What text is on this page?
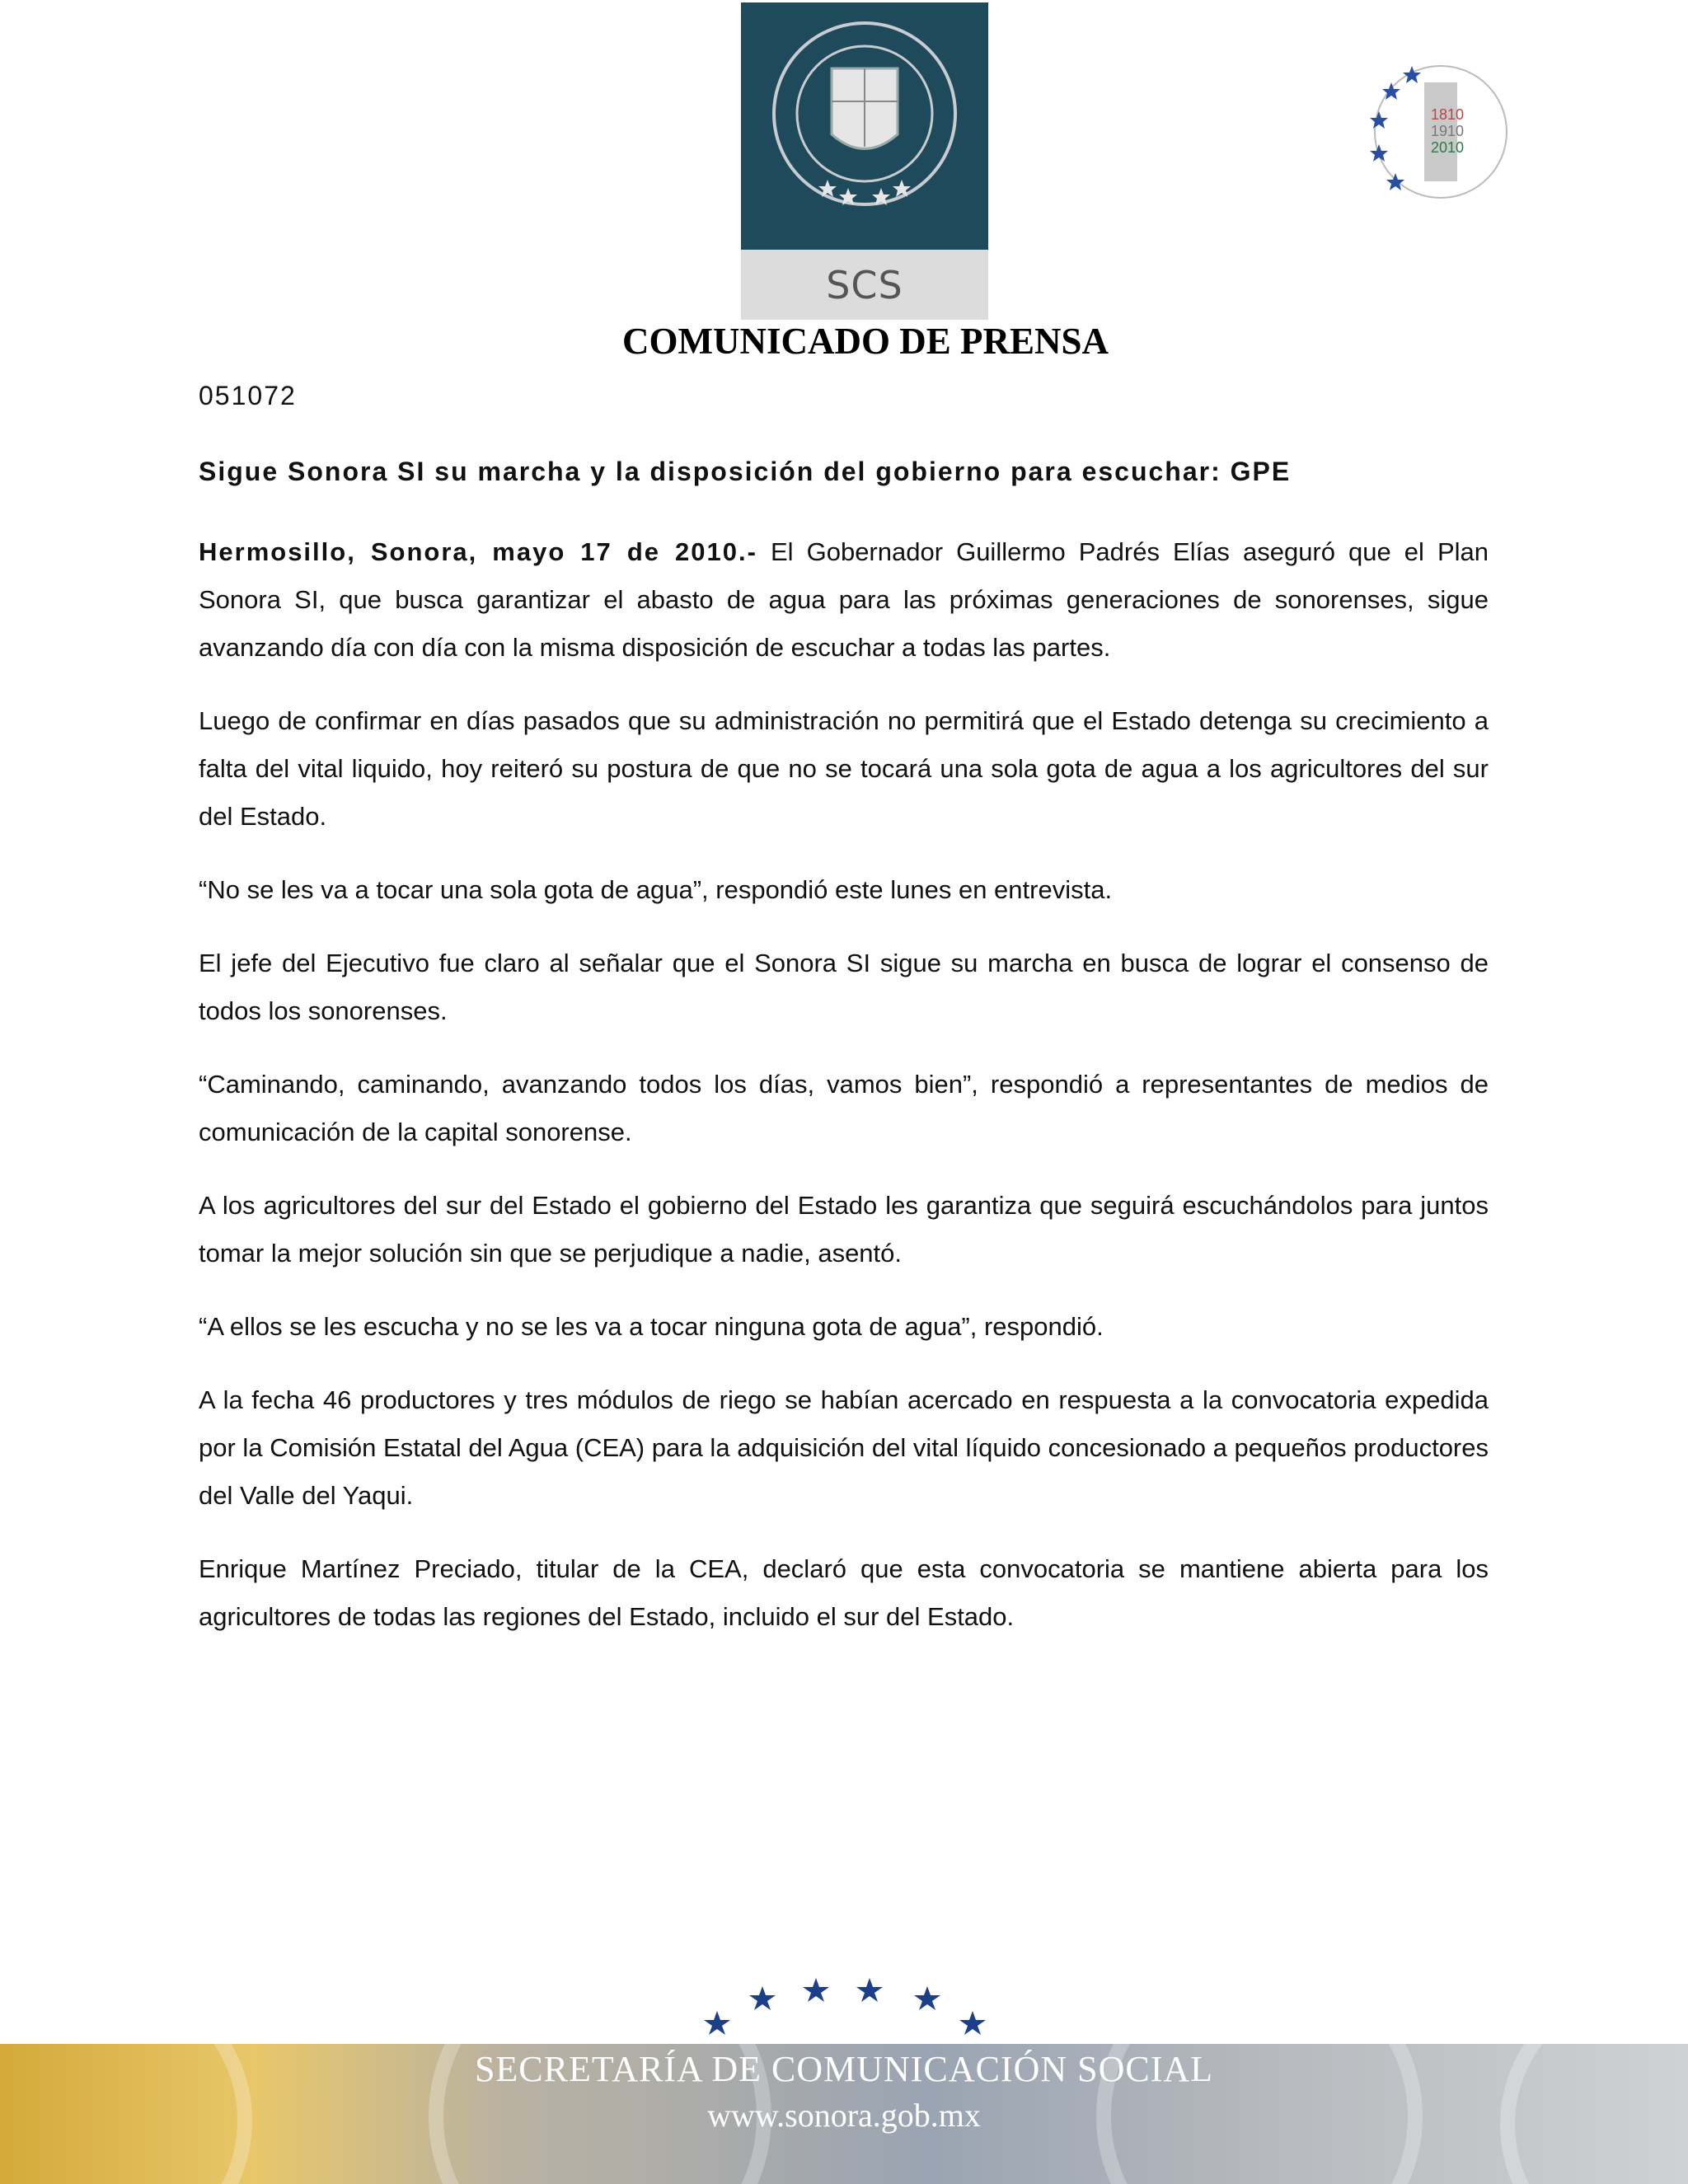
SCS
1810
1910
2010
COMUNICADO DE PRENSA

051072

Sigue Sonora SI su marcha y la disposición del gobierno para escuchar: GPE

Hermosillo, Sonora, mayo 17 de 2010.- El Gobernador Guillermo Padrés Elías aseguró que el Plan Sonora SI, que busca garantizar el abasto de agua para las próximas generaciones de sonorenses, sigue avanzando día con día con la misma disposición de escuchar a todas las partes.

Luego de confirmar en días pasados que su administración no permitirá que el Estado detenga su crecimiento a falta del vital liquido, hoy reiteró su postura de que no se tocará una sola gota de agua a los agricultores del sur del Estado.

“No se les va a tocar una sola gota de agua”, respondió este lunes en entrevista.

El jefe del Ejecutivo fue claro al señalar que el Sonora SI sigue su marcha en busca de lograr el consenso de todos los sonorenses.

“Caminando, caminando, avanzando todos los días, vamos bien”, respondió a representantes de medios de comunicación de la capital sonorense.

A los agricultores del sur del Estado el gobierno del Estado les garantiza que seguirá escuchándolos para juntos tomar la mejor solución sin que se perjudique a nadie, asentó.

“A ellos se les escucha y no se les va a tocar ninguna gota de agua”, respondió.

A la fecha 46 productores y tres módulos de riego se habían acercado en respuesta a la convocatoria expedida por la Comisión Estatal del Agua (CEA) para la adquisición del vital líquido concesionado a pequeños productores del Valle del Yaqui.

Enrique Martínez Preciado, titular de la CEA, declaró que esta convocatoria se mantiene abierta para los agricultores de todas las regiones del Estado, incluido el sur del Estado.

SECRETARÍA DE COMUNICACIÓN SOCIAL

www.sonora.gob.mx
